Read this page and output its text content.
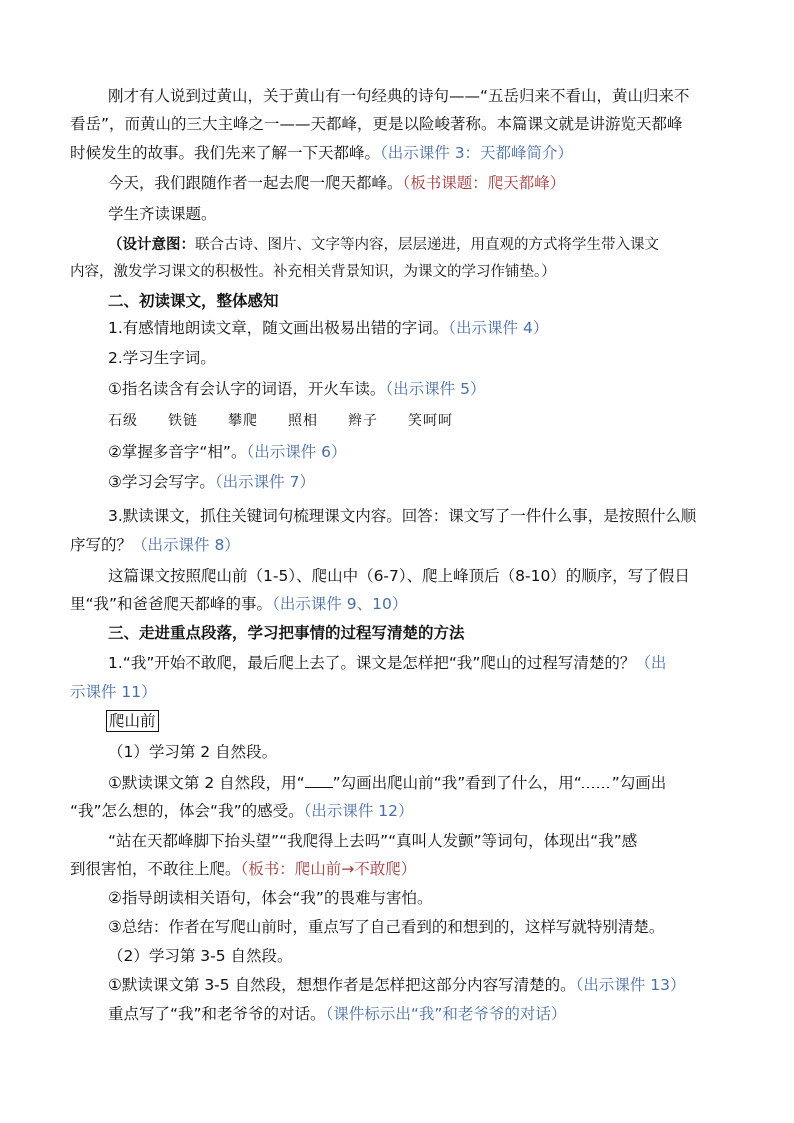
刚才有人说到过黄山，关于黄山有一句经典的诗句——“五岳归来不看山，黄山归来不
看岳”，而黄山的三大主峰之一——天都峰，更是以险峻著称。本篇课文就是讲游览天都峰
时候发生的故事。我们先来了解一下天都峰。（出示课件 3：天都峰简介）
今天，我们跟随作者一起去爬一爬天都峰。（板书课题：爬天都峰）
学生齐读课题。
（设计意图：联合古诗、图片、文字等内容，层层递进，用直观的方式将学生带入课文
内容，激发学习课文的积极性。补充相关背景知识，为课文的学习作铺垫。）
二、初读课文，整体感知
1.有感情地朗读文章，随文画出极易出错的字词。（出示课件 4）
2.学习生字词。
①指名读含有会认字的词语，开火车读。（出示课件 5）
石级 铁链 攀爬 照相 辫子 笑呵呵
②掌握多音字“相”。（出示课件 6）
③学习会写字。（出示课件 7）
3.默读课文，抓住关键词句梳理课文内容。回答：课文写了一件什么事，是按照什么顺
序写的？（出示课件 8）
这篇课文按照爬山前（1-5）、爬山中（6-7）、爬上峰顶后（8-10）的顺序，写了假日
里“我”和爸爸爬天都峰的事。（出示课件 9、10）
三、走进重点段落，学习把事情的过程写清楚的方法
1.“我”开始不敢爬，最后爬上去了。课文是怎样把“我”爬山的过程写清楚的？（出
示课件 11）
爬山前
（1）学习第 2 自然段。
①默读课文第 2 自然段，用“ ”勾画出爬山前“我”看到了什么，用“ ”勾画出
“我”怎么想的，体会“我”的感受。（出示课件 12）
“站在天都峰脚下抬头望”“我爬得上去吗”“真叫人发颤”等词句，体现出“我”感
到很害怕，不敢往上爬。（板书：爬山前→不敢爬）
②指导朗读相关语句，体会“我”的畏难与害怕。
③总结：作者在写爬山前时，重点写了自己看到的和想到的，这样写就特别清楚。
（2）学习第 3-5 自然段。
①默读课文第 3-5 自然段，想想作者是怎样把这部分内容写清楚的。（出示课件 13）
重点写了“我”和老爷爷的对话。（课件标示出“我”和老爷爷的对话）
